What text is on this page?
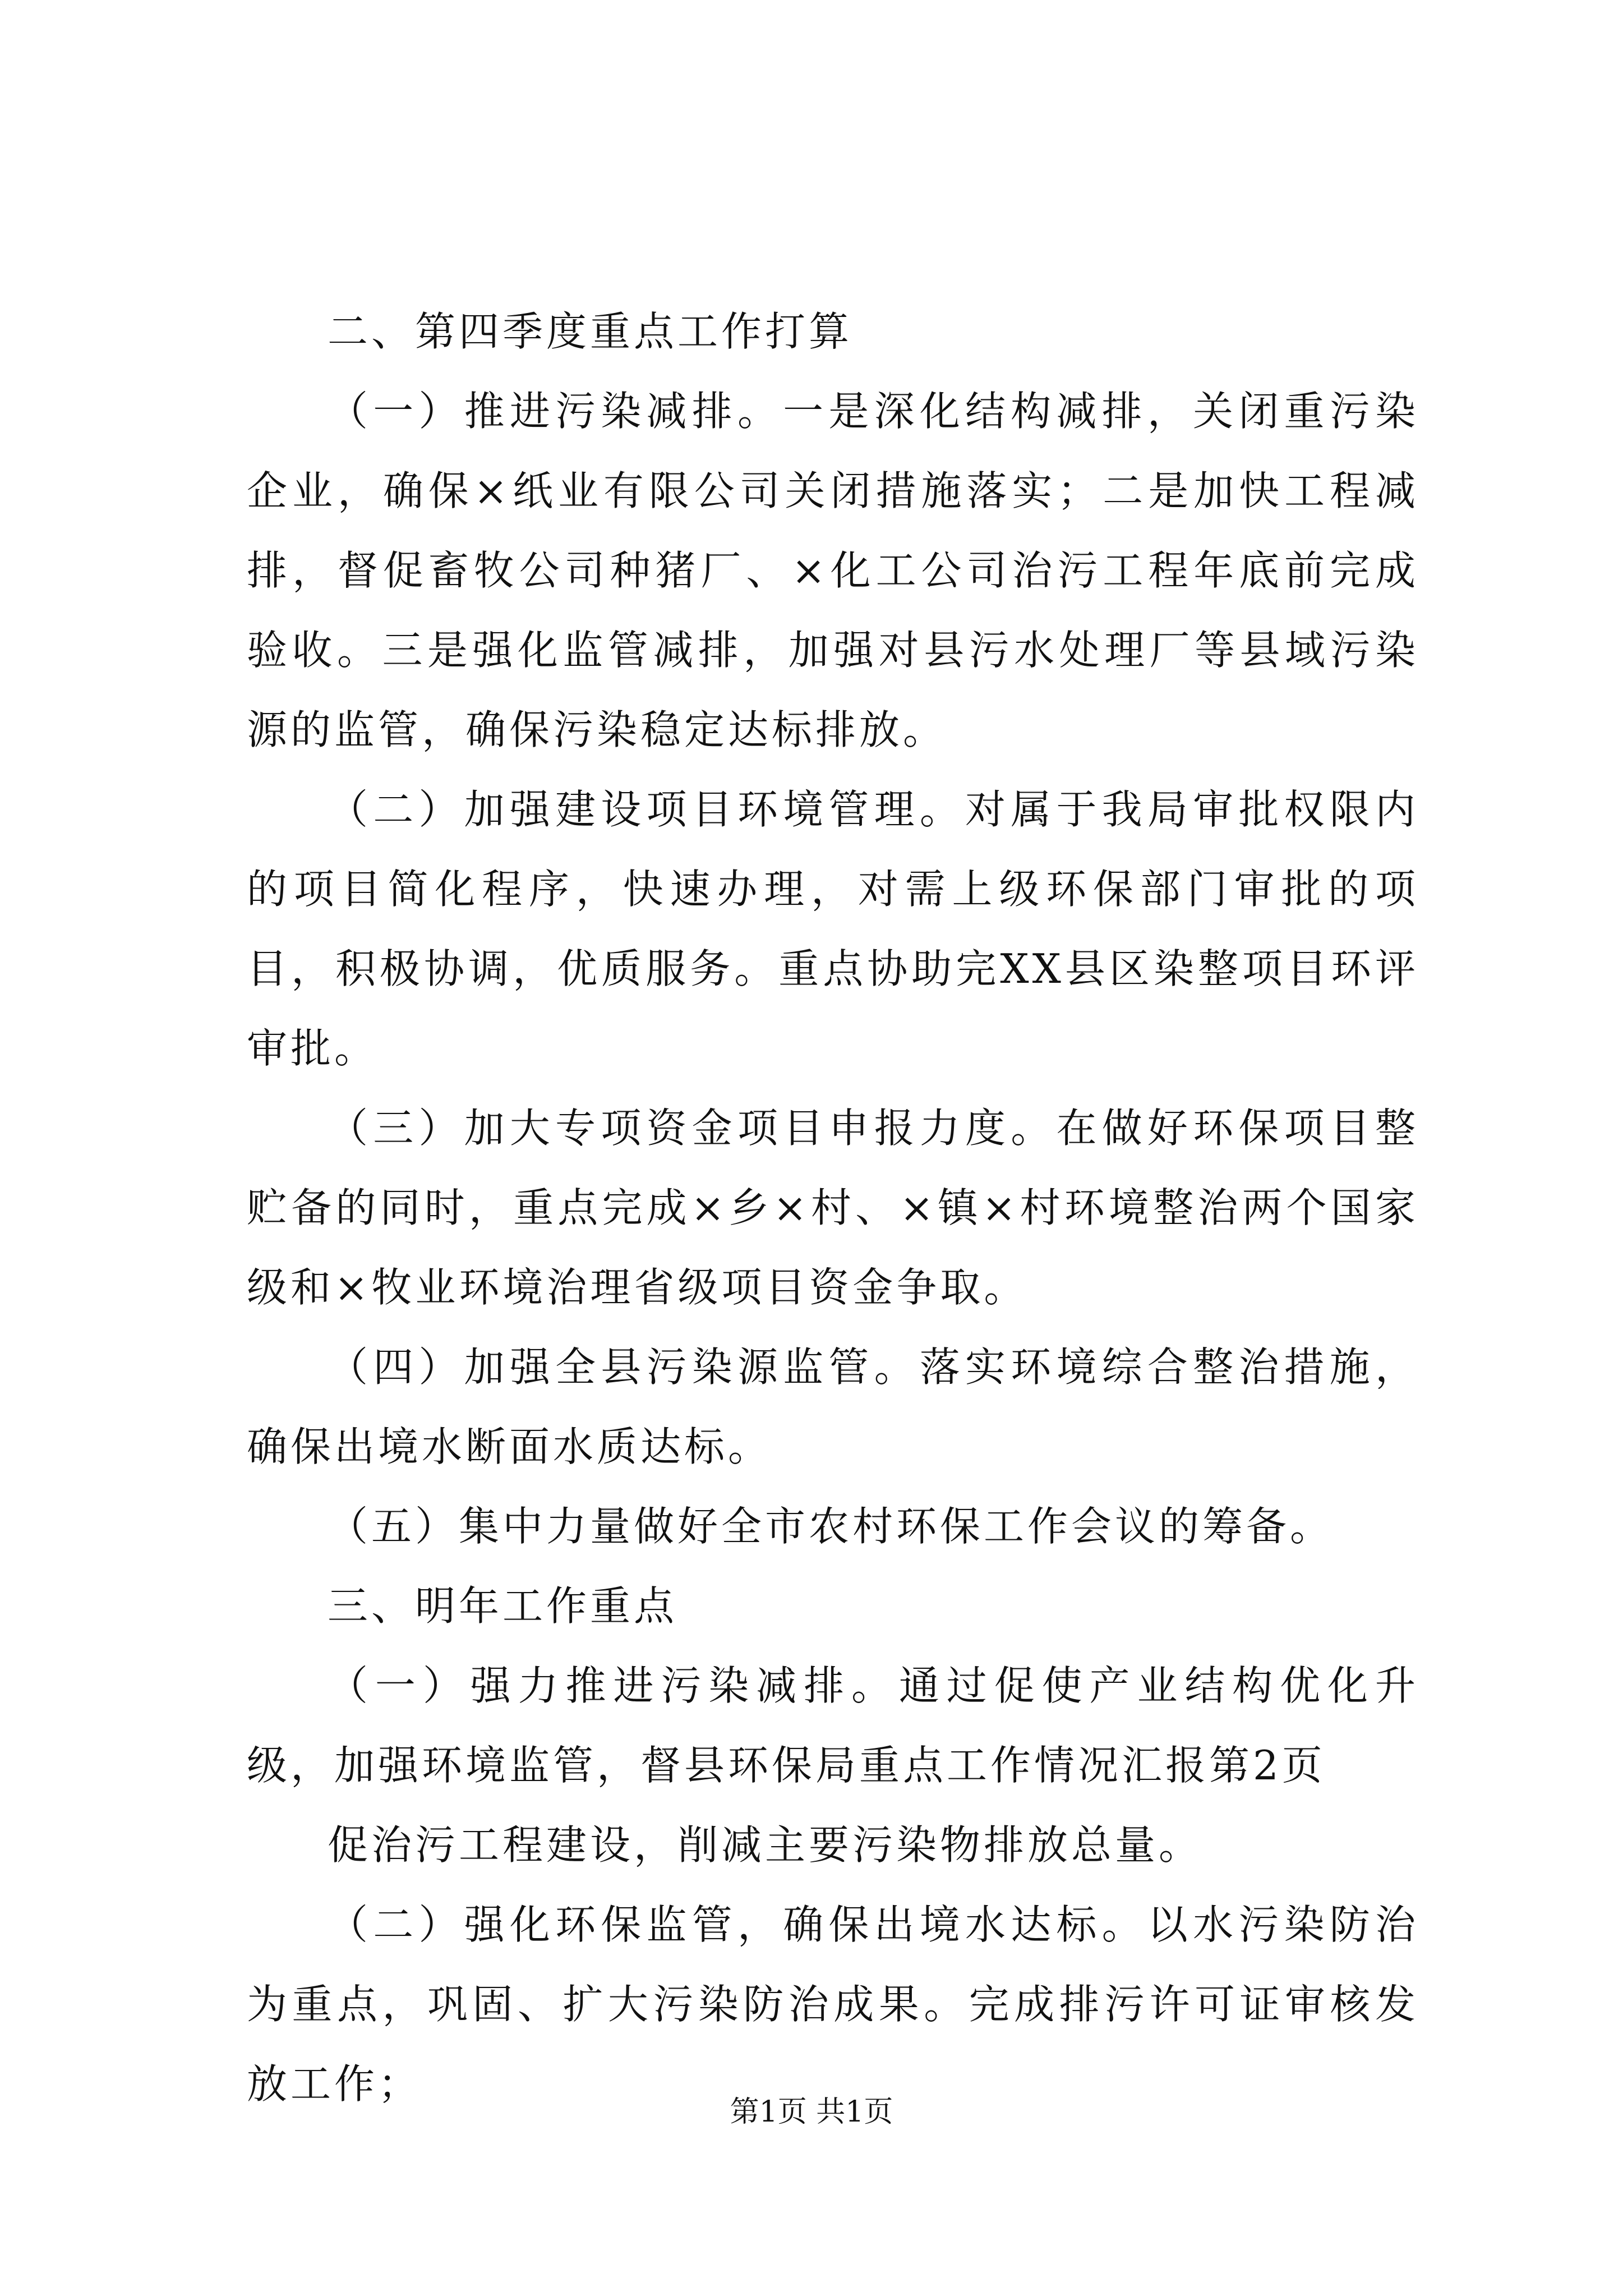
二、第四季度重点工作打算

（一）推进污染减排。一是深化结构减排，关闭重污染企业，确保×纸业有限公司关闭措施落实；二是加快工程减排，督促畜牧公司种猪厂、×化工公司治污工程年底前完成验收。三是强化监管减排，加强对县污水处理厂等县域污染源的监管，确保污染稳定达标排放。

（二）加强建设项目环境管理。对属于我局审批权限内的项目简化程序，快速办理，对需上级环保部门审批的项目，积极协调，优质服务。重点协助完XX县区染整项目环评审批。

（三）加大专项资金项目申报力度。在做好环保项目整贮备的同时，重点完成×乡×村、×镇×村环境整治两个国家级和×牧业环境治理省级项目资金争取。

（四）加强全县污染源监管。落实环境综合整治措施，确保出境水断面水质达标。

（五）集中力量做好全市农村环保工作会议的筹备。

三、明年工作重点

（一）强力推进污染减排。通过促使产业结构优化升级，加强环境监管，督县环保局重点工作情况汇报第2页

促治污工程建设，削减主要污染物排放总量。

（二）强化环保监管，确保出境水达标。以水污染防治为重点，巩固、扩大污染防治成果。完成排污许可证审核发放工作；

第1页 共1页
